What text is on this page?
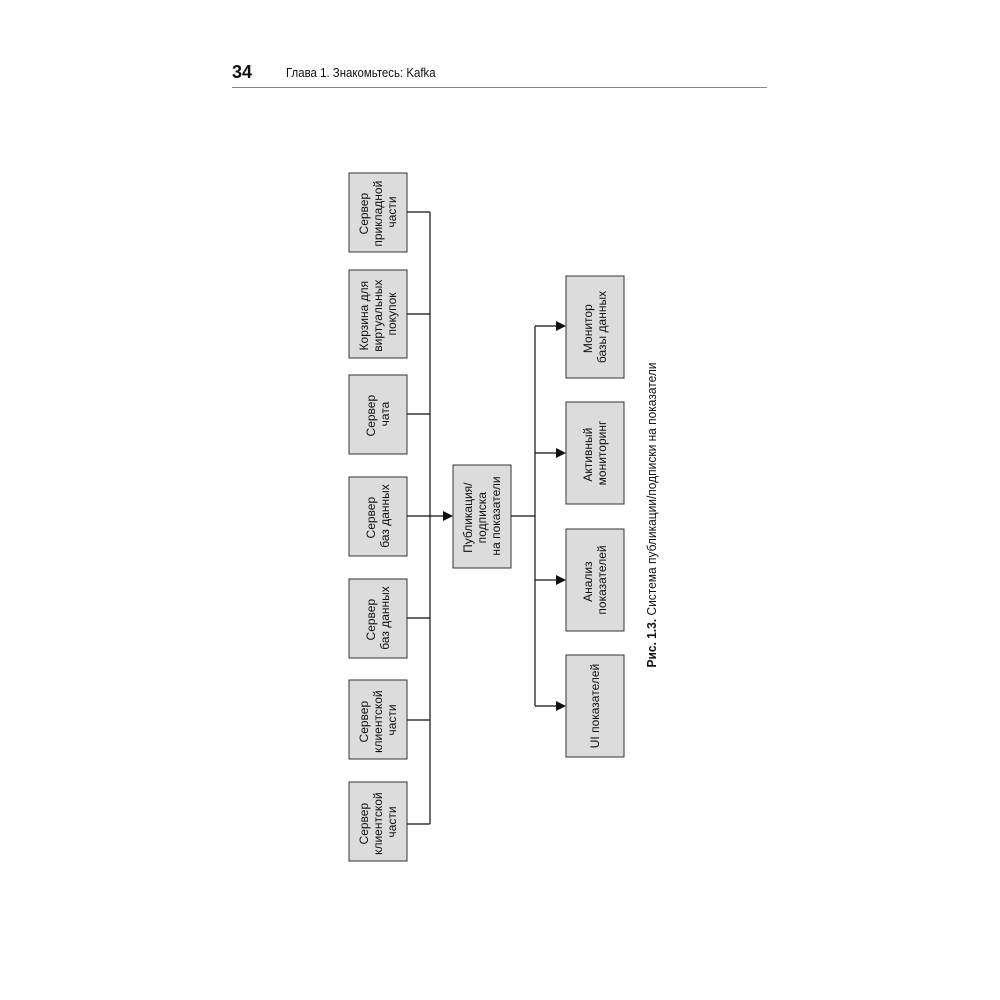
34	Глава 1. Знакомьтесь: Kafka
Сервер прикладной части
Корзина для виртуальных покупок
Сервер чата
Сервер баз данных
Сервер баз данных
Сервер клиентской части
Сервер клиентской части
Публикация/ подписка на показатели
Монитор базы данных
Активный мониторинг
Анализ показателей
UI показателей
Рис. 1.3. Система публикации/подписки на показатели
